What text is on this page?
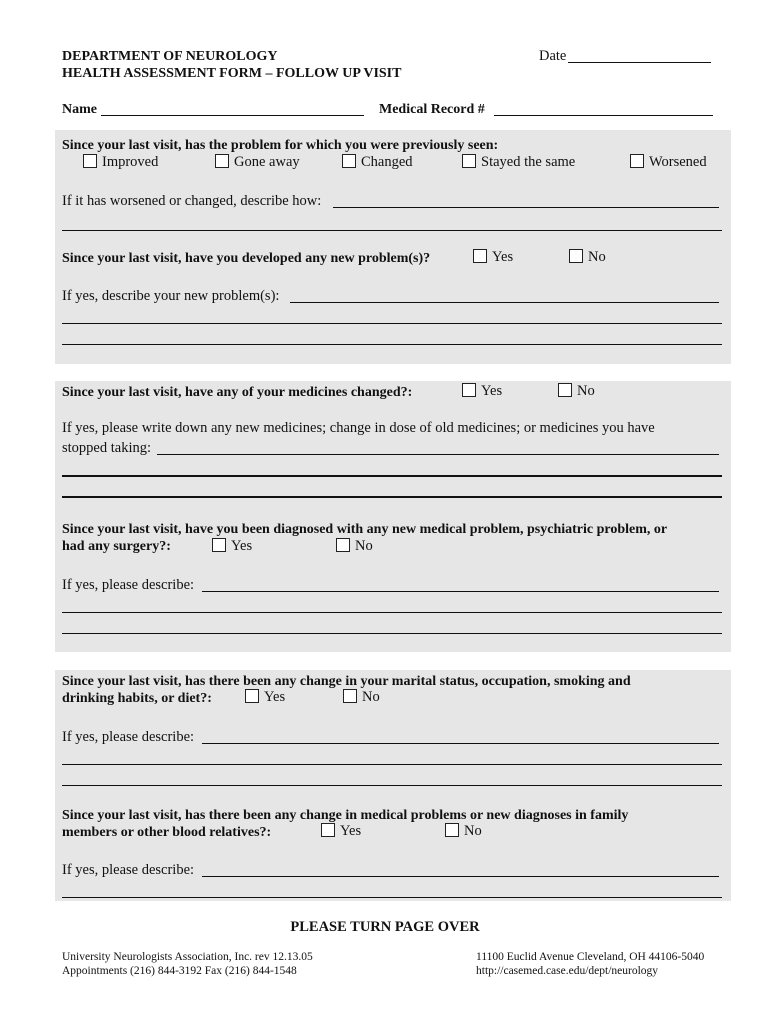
DEPARTMENT OF NEUROLOGY
HEALTH ASSESSMENT FORM – FOLLOW UP VISIT
Date
Name	Medical Record #
Since your last visit, has the problem for which you were previously seen:
Improved	Gone away	Changed	Stayed the same	Worsened
If it has worsened or changed, describe how:
Since your last visit, have you developed any new problem(s)?	Yes	No
If yes, describe your new problem(s):
Since your last visit, have any of your medicines changed?:	Yes	No
If yes, please write down any new medicines; change in dose of old medicines; or medicines you have
stopped taking:
Since your last visit, have you been diagnosed with any new medical problem, psychiatric problem, or
had any surgery?:	Yes	No
If yes, please describe:
Since your last visit, has there been any change in your marital status, occupation, smoking and
drinking habits, or diet?:	Yes	No
If yes, please describe:
Since your last visit, has there been any change in medical problems or new diagnoses in family
members or other blood relatives?:	Yes	No
If yes, please describe:
PLEASE TURN PAGE OVER
University Neurologists Association, Inc. rev 12.13.05
Appointments (216) 844-3192 Fax (216) 844-1548
11100 Euclid Avenue Cleveland, OH 44106-5040
http://casemed.case.edu/dept/neurology
